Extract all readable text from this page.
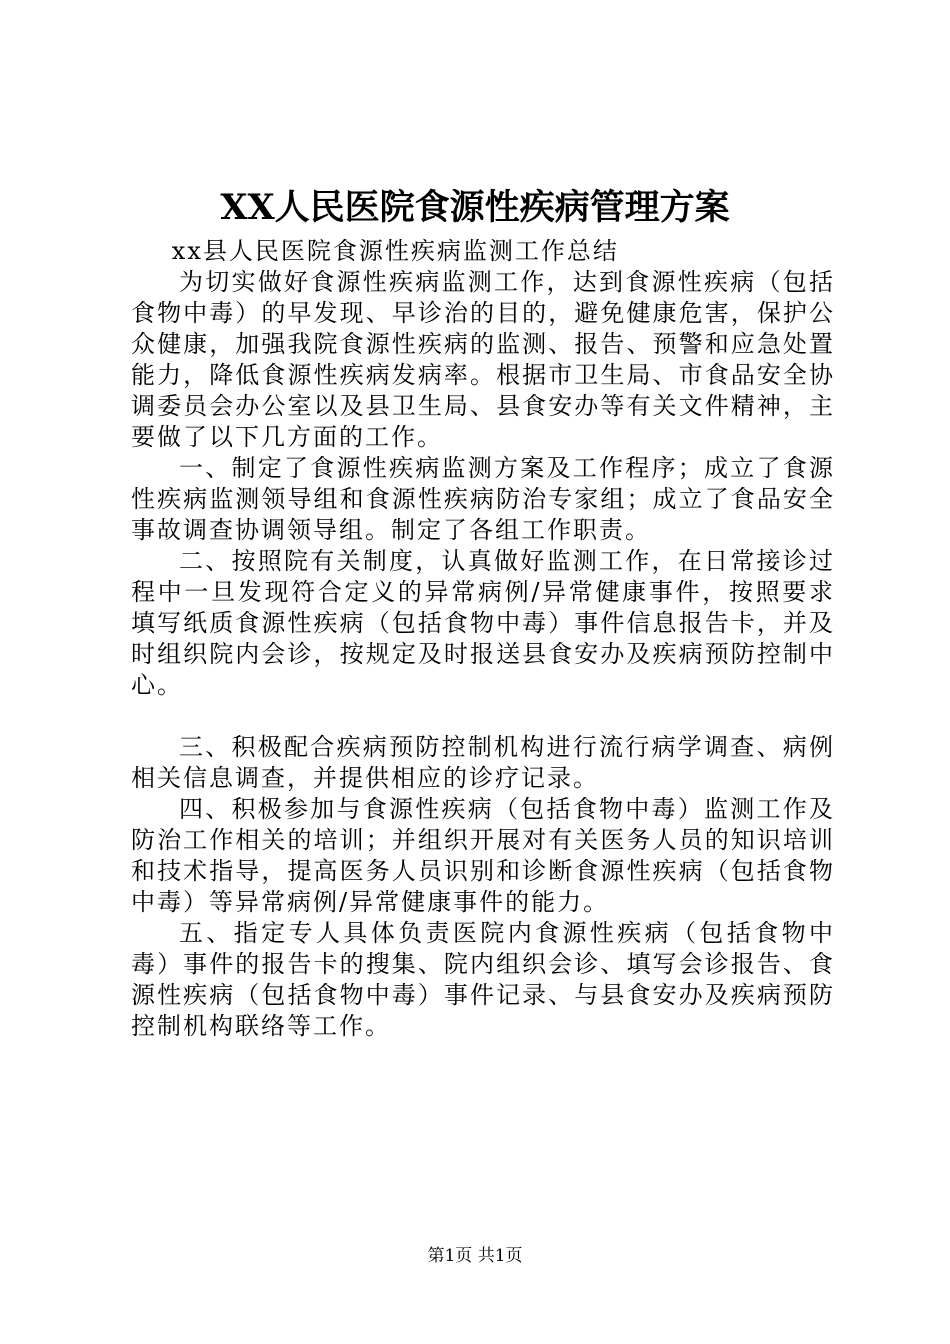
XX人民医院食源性疾病管理方案

xx县人民医院食源性疾病监测工作总结

为切实做好食源性疾病监测工作，达到食源性疾病（包括食物中毒）的早发现、早诊治的目的，避免健康危害，保护公众健康，加强我院食源性疾病的监测、报告、预警和应急处置能力，降低食源性疾病发病率。根据市卫生局、市食品安全协调委员会办公室以及县卫生局、县食安办等有关文件精神，主要做了以下几方面的工作。

一、制定了食源性疾病监测方案及工作程序；成立了食源性疾病监测领导组和食源性疾病防治专家组；成立了食品安全事故调查协调领导组。制定了各组工作职责。

二、按照院有关制度，认真做好监测工作，在日常接诊过程中一旦发现符合定义的异常病例/异常健康事件，按照要求填写纸质食源性疾病（包括食物中毒）事件信息报告卡，并及时组织院内会诊，按规定及时报送县食安办及疾病预防控制中心。

三、积极配合疾病预防控制机构进行流行病学调查、病例相关信息调查，并提供相应的诊疗记录。

四、积极参加与食源性疾病（包括食物中毒）监测工作及防治工作相关的培训；并组织开展对有关医务人员的知识培训和技术指导，提高医务人员识别和诊断食源性疾病（包括食物中毒）等异常病例/异常健康事件的能力。

五、指定专人具体负责医院内食源性疾病（包括食物中毒）事件的报告卡的搜集、院内组织会诊、填写会诊报告、食源性疾病（包括食物中毒）事件记录、与县食安办及疾病预防控制机构联络等工作。

第1页 共1页
